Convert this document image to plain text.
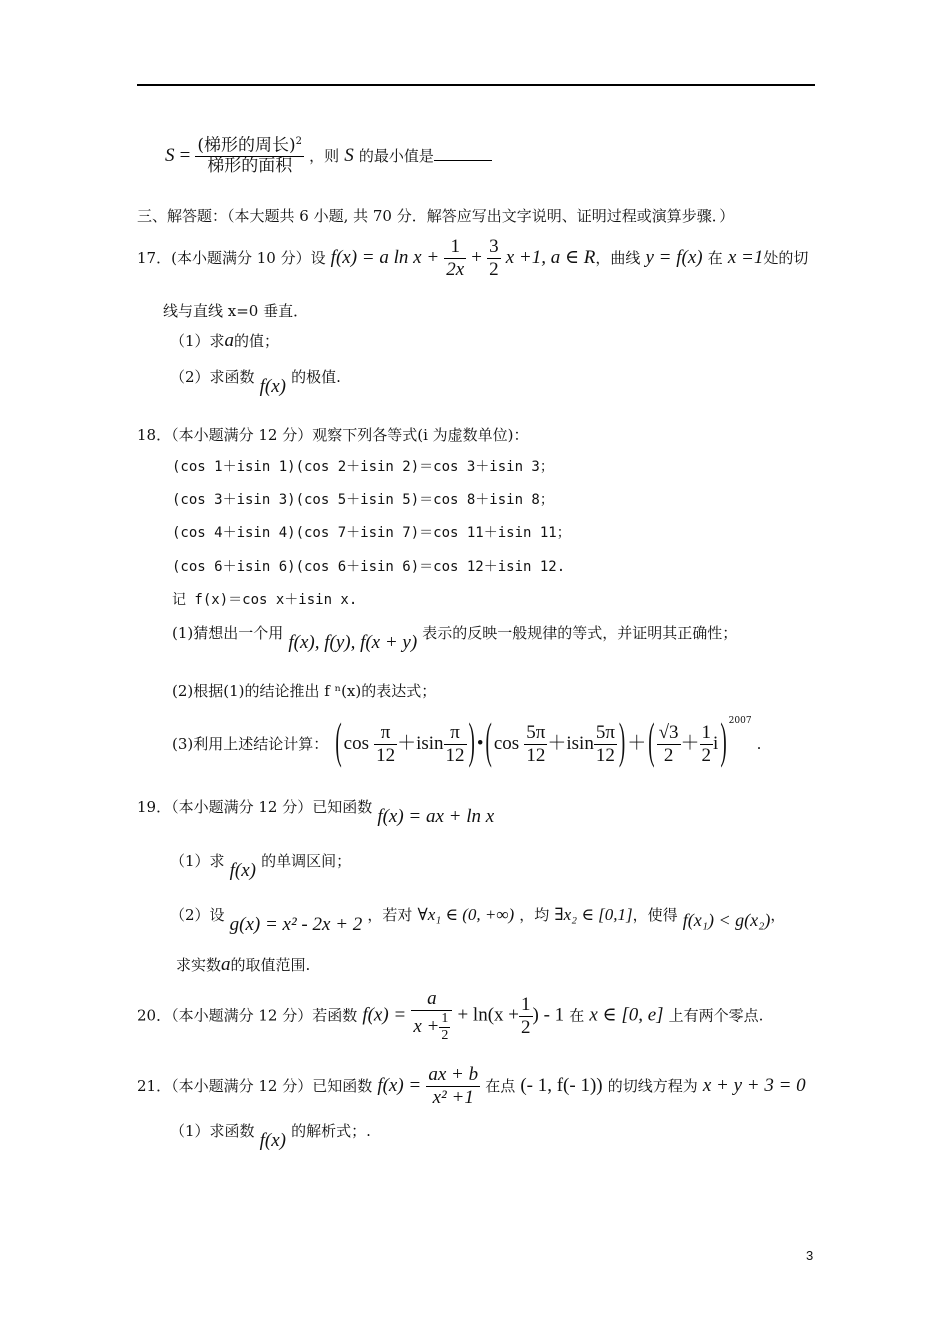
$S = \frac{(梯形的周长)^2}{\text{梯形的面积}}$ ，则 S 的最小值是
三、解答题：（本大题共 6 小题, 共 70 分．解答应写出文字说明、证明过程或演算步骤．）
17．(本小题满分 10 分）设 f(x) = a $\ln x + \frac{1}{2x} + \frac{3}{2}$ x +1, a ∈ R，曲线 y = f(x) 在 x =1处的切
线与直线 x=0 垂直．
（1）求a的值；
（2）求函数 f(x) 的极值.
18．（本小题满分 12 分）观察下列各等式(i 为虚数单位)：
(cos 1＋isin 1)(cos 2＋isin 2)＝cos 3＋isin 3；
(cos 3＋isin 3)(cos 5＋isin 5)＝cos 8＋isin 8；
(cos 4＋isin 4)(cos 7＋isin 7)＝cos 11＋isin 11；
(cos 6＋isin 6)(cos 6＋isin 6)＝cos 12＋isin 12.
记 f(x)＝cos x＋isin x.
(1)猜想出一个用 f(x), f(y), f(x + y) 表示的反映一般规律的等式，并证明其正确性；
(2)根据(1)的结论推出 f ⁿ(x)的表达式；
(3)利用上述结论计算： ( $\cos \frac{\pi}{12} +isin \frac{\pi}{12}$ ) • ( $\cos \frac{5\pi}{12} +isin \frac{5\pi}{12}$ ) ＋ ( $\frac{√3}{2} + \frac{1}{2}$ i ) $^{2007}$ .
19．（本小题满分 12 分）已知函数 f(x) = ax + ln x
（1）求 f(x) 的单调区间；
（2）设 g(x) = x² - 2x + 2 ，若对 ∀x₁ ∈ (0, +∞) ，均 ∃x₂ ∈ [0,1]，使得 f(x₁) < g(x₂)，
求实数a的取值范围.
20．（本小题满分 12 分）若函数 $f(x) = \frac{a}{x + \frac{1}{2}} + \ln(x + \frac{1}{2}$ ) - 1 在 x ∈ [0, e] 上有两个零点.
21．（本小题满分 12 分）已知函数 $f(x) = \frac{ax + b}{\text{x² +1}}$ 在点 (- 1, f(- 1)) 的切线方程为 x + y + 3 = 0
（1）求函数 f(x) 的解析式；.
3
